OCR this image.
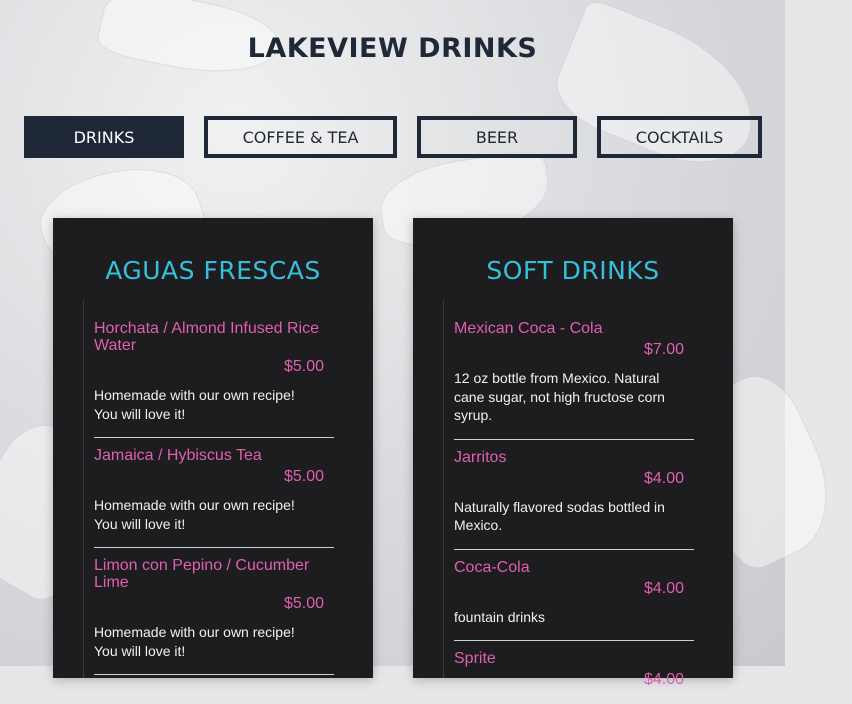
LAKEVIEW DRINKS
DRINKS	COFFEE & TEA	BEER	COCKTAILS
AGUAS FRESCAS
Horchata / Almond Infused Rice Water
$5.00
Homemade with our own recipe!
You will love it!
Jamaica / Hybiscus Tea
$5.00
Homemade with our own recipe!
You will love it!
Limon con Pepino / Cucumber Lime
$5.00
Homemade with our own recipe!
You will love it!
SOFT DRINKS
Mexican Coca - Cola
$7.00
12 oz bottle from Mexico. Natural cane sugar, not high fructose corn syrup.
Jarritos
$4.00
Naturally flavored sodas bottled in Mexico.
Coca-Cola
$4.00
fountain drinks
Sprite
$4.00
